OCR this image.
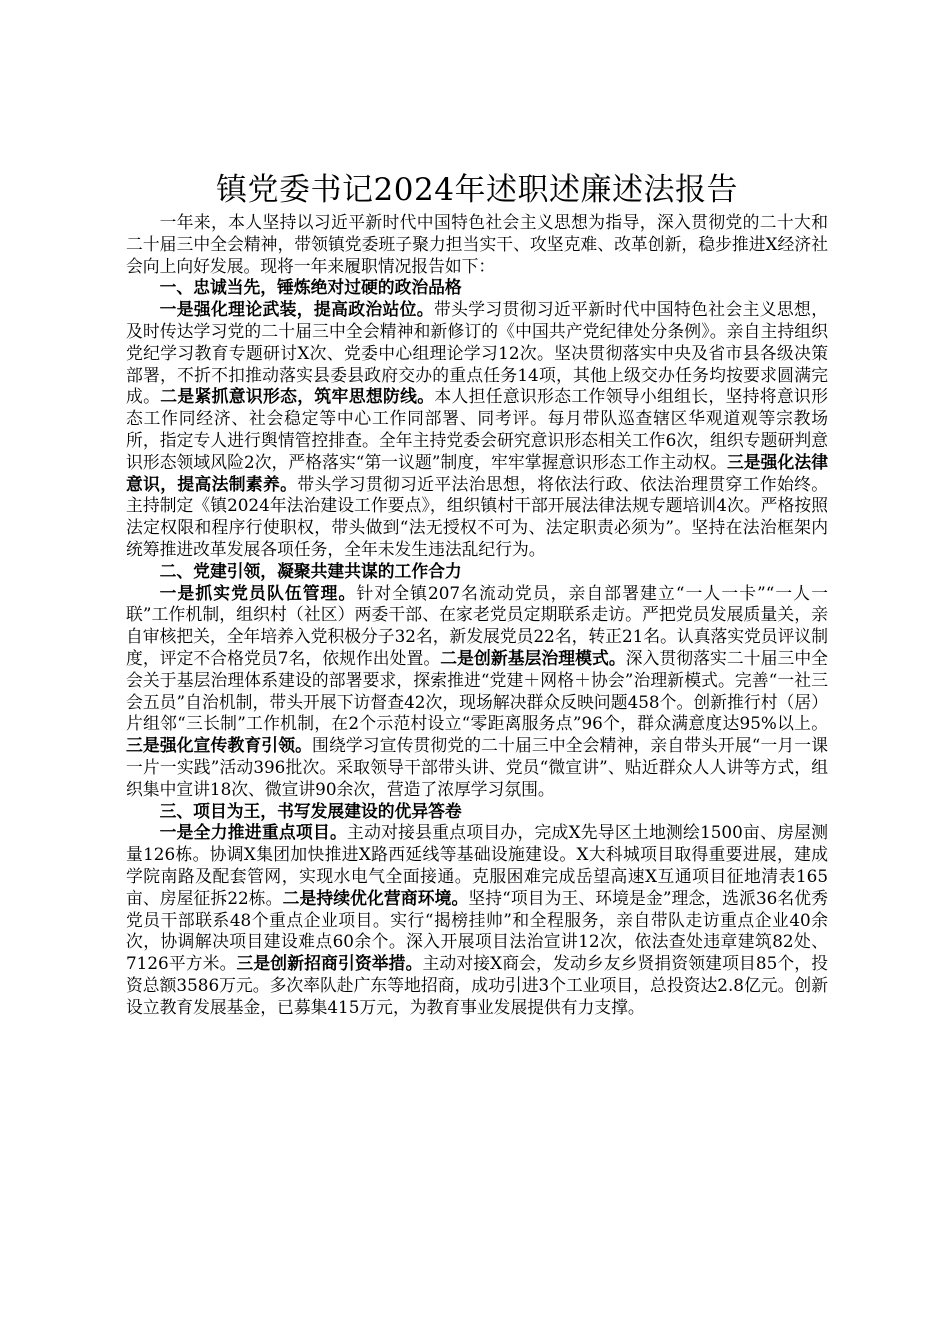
镇党委书记2024年述职述廉述法报告

一年来，本人坚持以习近平新时代中国特色社会主义思想为指导，深入贯彻党的二十大和二十届三中全会精神，带领镇党委班子聚力担当实干、攻坚克难、改革创新，稳步推进X经济社会向上向好发展。现将一年来履职情况报告如下：

一、忠诚当先，锤炼绝对过硬的政治品格

一是强化理论武装，提高政治站位。带头学习贯彻习近平新时代中国特色社会主义思想，及时传达学习党的二十届三中全会精神和新修订的《中国共产党纪律处分条例》。亲自主持组织党纪学习教育专题研讨X次、党委中心组理论学习12次。坚决贯彻落实中央及省市县各级决策部署，不折不扣推动落实县委县政府交办的重点任务14项，其他上级交办任务均按要求圆满完成。二是紧抓意识形态，筑牢思想防线。本人担任意识形态工作领导小组组长，坚持将意识形态工作同经济、社会稳定等中心工作同部署、同考评。每月带队巡查辖区华观道观等宗教场所，指定专人进行舆情管控排查。全年主持党委会研究意识形态相关工作6次，组织专题研判意识形态领域风险2次，严格落实“第一议题”制度，牢牢掌握意识形态工作主动权。三是强化法律意识，提高法制素养。带头学习贯彻习近平法治思想，将依法行政、依法治理贯穿工作始终。主持制定《镇2024年法治建设工作要点》，组织镇村干部开展法律法规专题培训4次。严格按照法定权限和程序行使职权，带头做到“法无授权不可为、法定职责必须为”。坚持在法治框架内统筹推进改革发展各项任务，全年未发生违法乱纪行为。

二、党建引领，凝聚共建共谋的工作合力

一是抓实党员队伍管理。针对全镇207名流动党员，亲自部署建立“一人一卡”“一人一联”工作机制，组织村（社区）两委干部、在家老党员定期联系走访。严把党员发展质量关，亲自审核把关，全年培养入党积极分子32名，新发展党员22名，转正21名。认真落实党员评议制度，评定不合格党员7名，依规作出处置。二是创新基层治理模式。深入贯彻落实二十届三中全会关于基层治理体系建设的部署要求，探索推进“党建＋网格＋协会”治理新模式。完善“一社三会五员”自治机制，带头开展下访督查42次，现场解决群众反映问题458个。创新推行村（居）片组邻“三长制”工作机制，在2个示范村设立“零距离服务点”96个，群众满意度达95%以上。三是强化宣传教育引领。围绕学习宣传贯彻党的二十届三中全会精神，亲自带头开展“一月一课一片一实践”活动396批次。采取领导干部带头讲、党员“微宣讲”、贴近群众人人讲等方式，组织集中宣讲18次、微宣讲90余次，营造了浓厚学习氛围。

三、项目为王，书写发展建设的优异答卷

一是全力推进重点项目。主动对接县重点项目办，完成X先导区土地测绘1500亩、房屋测量126栋。协调X集团加快推进X路西延线等基础设施建设。X大科城项目取得重要进展，建成学院南路及配套管网，实现水电气全面接通。克服困难完成岳望高速X互通项目征地清表165亩、房屋征拆22栋。二是持续优化营商环境。坚持“项目为王、环境是金”理念，选派36名优秀党员干部联系48个重点企业项目。实行“揭榜挂帅”和全程服务，亲自带队走访重点企业40余次，协调解决项目建设难点60余个。深入开展项目法治宣讲12次，依法查处违章建筑82处、7126平方米。三是创新招商引资举措。主动对接X商会，发动乡友乡贤捐资领建项目85个，投资总额3586万元。多次率队赴广东等地招商，成功引进3个工业项目，总投资达2.8亿元。创新设立教育发展基金，已募集415万元，为教育事业发展提供有力支撑。
